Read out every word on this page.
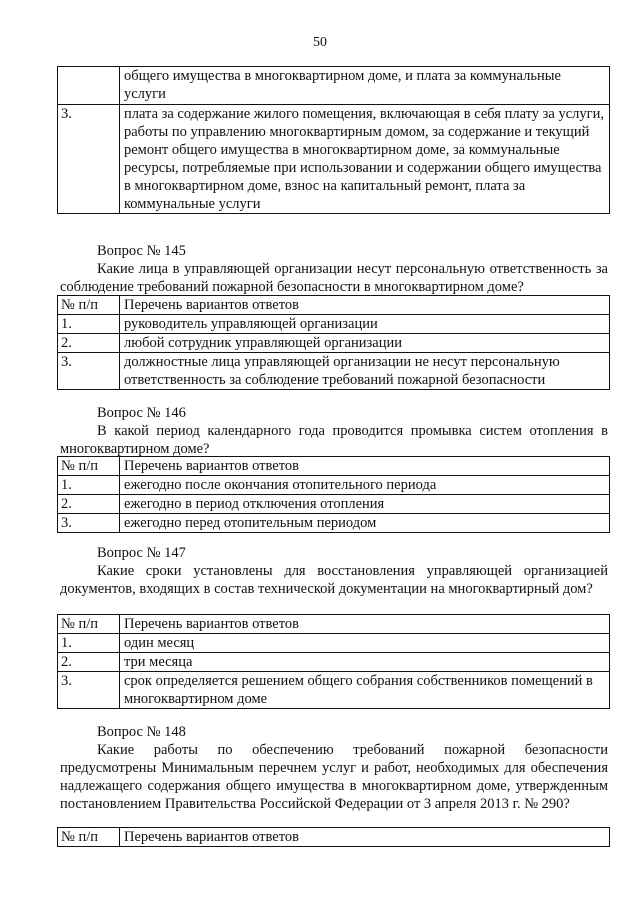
50
	общего имущества в многоквартирном доме, и плата за коммунальные услуги
3.	плата за содержание жилого помещения, включающая в себя плату за услуги, работы по управлению многоквартирным домом, за содержание и текущий ремонт общего имущества в многоквартирном доме, за коммунальные ресурсы, потребляемые при использовании и содержании общего имущества в многоквартирном доме, взнос на капитальный ремонт, плата за коммунальные услуги
Вопрос № 145
Какие лица в управляющей организации несут персональную ответственность за соблюдение требований пожарной безопасности в многоквартирном доме?
№ п/п	Перечень вариантов ответов
1.	руководитель управляющей организации
2.	любой сотрудник управляющей организации
3.	должностные лица управляющей организации не несут персональную ответственность за соблюдение требований пожарной безопасности
Вопрос № 146
В какой период календарного года проводится промывка систем отопления в многоквартирном доме?
№ п/п	Перечень вариантов ответов
1.	ежегодно после окончания отопительного периода
2.	ежегодно в период отключения отопления
3.	ежегодно перед отопительным периодом
Вопрос № 147
Какие сроки установлены для восстановления управляющей организацией документов, входящих в состав технической документации на многоквартирный дом?
№ п/п	Перечень вариантов ответов
1.	один месяц
2.	три месяца
3.	срок определяется решением общего собрания собственников помещений в многоквартирном доме
Вопрос № 148
Какие работы по обеспечению требований пожарной безопасности предусмотрены Минимальным перечнем услуг и работ, необходимых для обеспечения надлежащего содержания общего имущества в многоквартирном доме, утвержденным постановлением Правительства Российской Федерации от 3 апреля 2013 г. № 290?
№ п/п	Перечень вариантов ответов
